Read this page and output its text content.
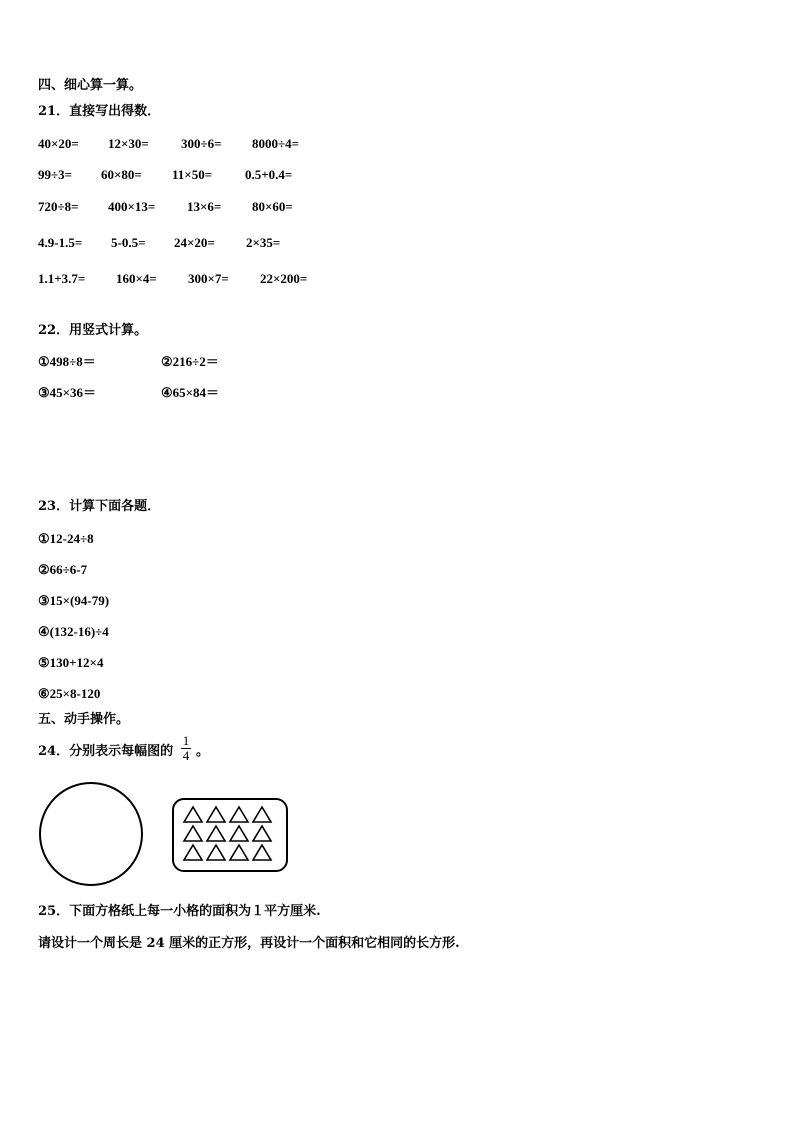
四、细心算一算。
21．直接写出得数．
40×20= 12×30= 300÷6= 8000÷4=
99÷3= 60×80= 11×50=	0.5+0.4=
720÷8= 400×13= 13×6= 80×60=
4.9-1.5= 5-0.5= 24×20= 2×35=
1.1+3.7= 160×4= 300×7= 22×200=
22．用竖式计算。
①498÷8＝	②216÷2＝
③45×36＝	④65×84＝
23．计算下面各题．
①12-24÷8
②66÷6-7
③15×(94-79)
④(132-16)÷4
⑤130+12×4
⑥25×8-120
五、动手操作。
24．分别表示每幅图的
1
4 。
25．下面方格纸上每一小格的面积为１平方厘米.
请设计一个周长是 24 厘米的正方形，再设计一个面积和它相同的长方形.
